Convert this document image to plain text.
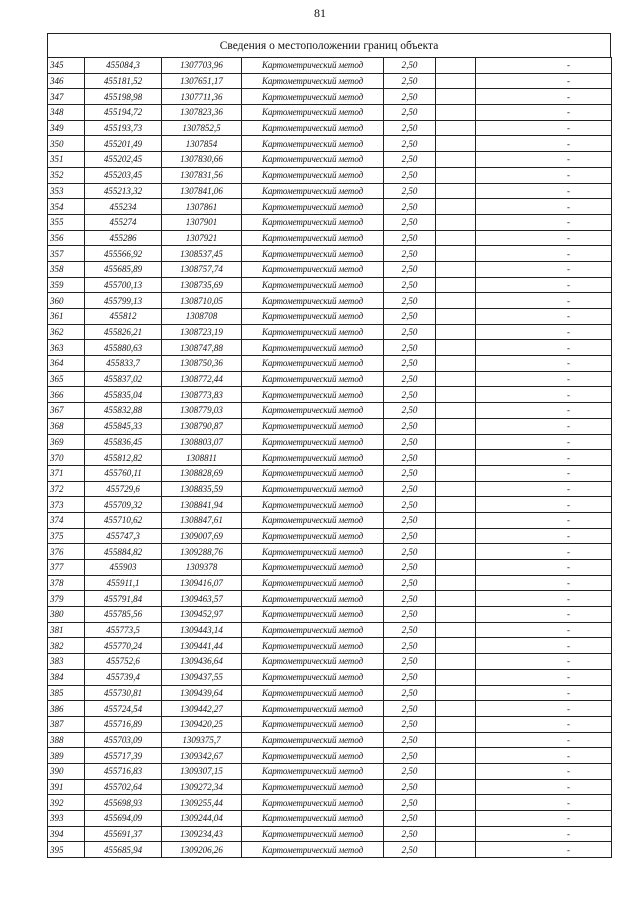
81
Сведения о местоположении границ объекта
345	455084,3	1307703,96	Картометрический метод	2,50		-
346	455181,52	1307651,17	Картометрический метод	2,50		-
347	455198,98	1307711,36	Картометрический метод	2,50		-
348	455194,72	1307823,36	Картометрический метод	2,50		-
349	455193,73	1307852,5	Картометрический метод	2,50		-
350	455201,49	1307854	Картометрический метод	2,50		-
351	455202,45	1307830,66	Картометрический метод	2,50		-
352	455203,45	1307831,56	Картометрический метод	2,50		-
353	455213,32	1307841,06	Картометрический метод	2,50		-
354	455234	1307861	Картометрический метод	2,50		-
355	455274	1307901	Картометрический метод	2,50		-
356	455286	1307921	Картометрический метод	2,50		-
357	455566,92	1308537,45	Картометрический метод	2,50		-
358	455685,89	1308757,74	Картометрический метод	2,50		-
359	455700,13	1308735,69	Картометрический метод	2,50		-
360	455799,13	1308710,05	Картометрический метод	2,50		-
361	455812	1308708	Картометрический метод	2,50		-
362	455826,21	1308723,19	Картометрический метод	2,50		-
363	455880,63	1308747,88	Картометрический метод	2,50		-
364	455833,7	1308750,36	Картометрический метод	2,50		-
365	455837,02	1308772,44	Картометрический метод	2,50		-
366	455835,04	1308773,83	Картометрический метод	2,50		-
367	455832,88	1308779,03	Картометрический метод	2,50		-
368	455845,33	1308790,87	Картометрический метод	2,50		-
369	455836,45	1308803,07	Картометрический метод	2,50		-
370	455812,82	1308811	Картометрический метод	2,50		-
371	455760,11	1308828,69	Картометрический метод	2,50		-
372	455729,6	1308835,59	Картометрический метод	2,50		-
373	455709,32	1308841,94	Картометрический метод	2,50		-
374	455710,62	1308847,61	Картометрический метод	2,50		-
375	455747,3	1309007,69	Картометрический метод	2,50		-
376	455884,82	1309288,76	Картометрический метод	2,50		-
377	455903	1309378	Картометрический метод	2,50		-
378	455911,1	1309416,07	Картометрический метод	2,50		-
379	455791,84	1309463,57	Картометрический метод	2,50		-
380	455785,56	1309452,97	Картометрический метод	2,50		-
381	455773,5	1309443,14	Картометрический метод	2,50		-
382	455770,24	1309441,44	Картометрический метод	2,50		-
383	455752,6	1309436,64	Картометрический метод	2,50		-
384	455739,4	1309437,55	Картометрический метод	2,50		-
385	455730,81	1309439,64	Картометрический метод	2,50		-
386	455724,54	1309442,27	Картометрический метод	2,50		-
387	455716,89	1309420,25	Картометрический метод	2,50		-
388	455703,09	1309375,7	Картометрический метод	2,50		-
389	455717,39	1309342,67	Картометрический метод	2,50		-
390	455716,83	1309307,15	Картометрический метод	2,50		-
391	455702,64	1309272,34	Картометрический метод	2,50		-
392	455698,93	1309255,44	Картометрический метод	2,50		-
393	455694,09	1309244,04	Картометрический метод	2,50		-
394	455691,37	1309234,43	Картометрический метод	2,50		-
395	455685,94	1309206,26	Картометрический метод	2,50		-
